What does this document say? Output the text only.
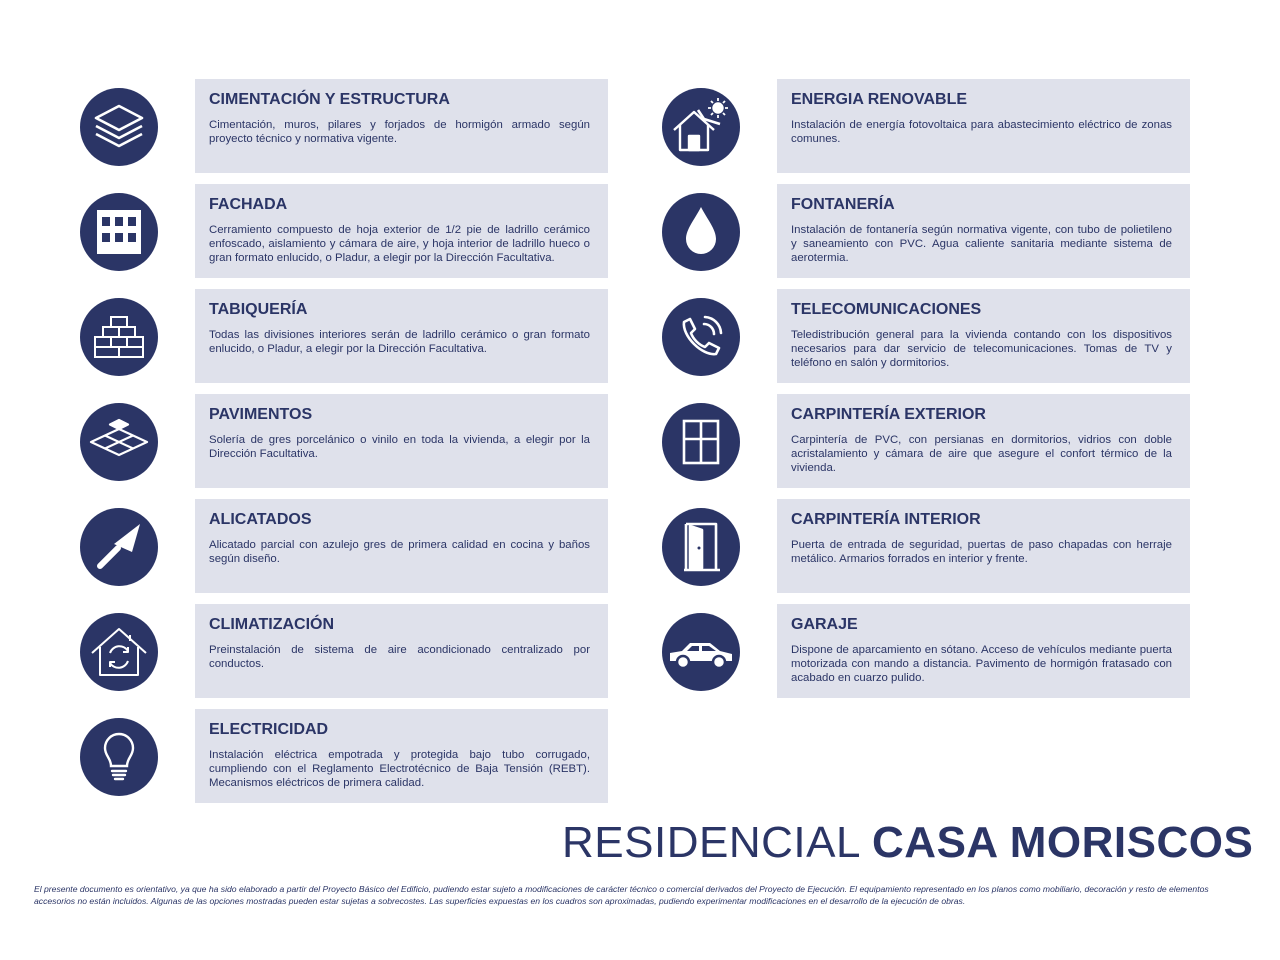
CIMENTACIÓN Y ESTRUCTURA

Cimentación, muros, pilares y forjados de hormigón armado según proyecto técnico y normativa vigente.

FACHADA

Cerramiento compuesto de hoja exterior de 1/2 pie de ladrillo cerámico enfoscado, aislamiento y cámara de aire, y hoja interior de ladrillo hueco o gran formato enlucido, o Pladur, a elegir por la Dirección Facultativa.

TABIQUERÍA

Todas las divisiones interiores serán de ladrillo cerámico o gran formato enlucido, o Pladur, a elegir por la Dirección Facultativa.

PAVIMENTOS

Solería de gres porcelánico o vinilo en toda la vivienda, a elegir por la Dirección Facultativa.

ALICATADOS

Alicatado parcial con azulejo gres de primera calidad en cocina y baños según diseño.

CLIMATIZACIÓN

Preinstalación de sistema de aire acondicionado centralizado por conductos.

ELECTRICIDAD

Instalación eléctrica empotrada y protegida bajo tubo corrugado, cumpliendo con el Reglamento Electrotécnico de Baja Tensión (REBT). Mecanismos eléctricos de primera calidad.

ENERGIA RENOVABLE

Instalación de energía fotovoltaica para abastecimiento eléctrico de zonas comunes.

FONTANERÍA

Instalación de fontanería según normativa vigente, con tubo de polietileno y saneamiento con PVC. Agua caliente sanitaria mediante sistema de aerotermia.

TELECOMUNICACIONES

Teledistribución general para la vivienda contando con los dispositivos necesarios para dar servicio de telecomunicaciones. Tomas de TV y teléfono en salón y dormitorios.

CARPINTERÍA EXTERIOR

Carpintería de PVC, con persianas en dormitorios, vidrios con doble acristalamiento y cámara de aire que asegure el confort térmico de la vivienda.

CARPINTERÍA INTERIOR

Puerta de entrada de seguridad, puertas de paso chapadas con herraje metálico. Armarios forrados en interior y frente.

GARAJE

Dispone de aparcamiento en sótano. Acceso de vehículos mediante puerta motorizada con mando a distancia. Pavimento de hormigón fratasado con acabado en cuarzo pulido.

RESIDENCIAL CASA MORISCOS
El presente documento es orientativo, ya que ha sido elaborado a partir del Proyecto Básico del Edificio, pudiendo estar sujeto a modificaciones de carácter técnico o comercial derivados del Proyecto de Ejecución. El equipamiento representado en los planos como mobiliario, decoración y resto de elementos accesorios no están incluidos. Algunas de las opciones mostradas pueden estar sujetas a sobrecostes. Las superficies expuestas en los cuadros son aproximadas, pudiendo experimentar modificaciones en el desarrollo de la ejecución de obras.
